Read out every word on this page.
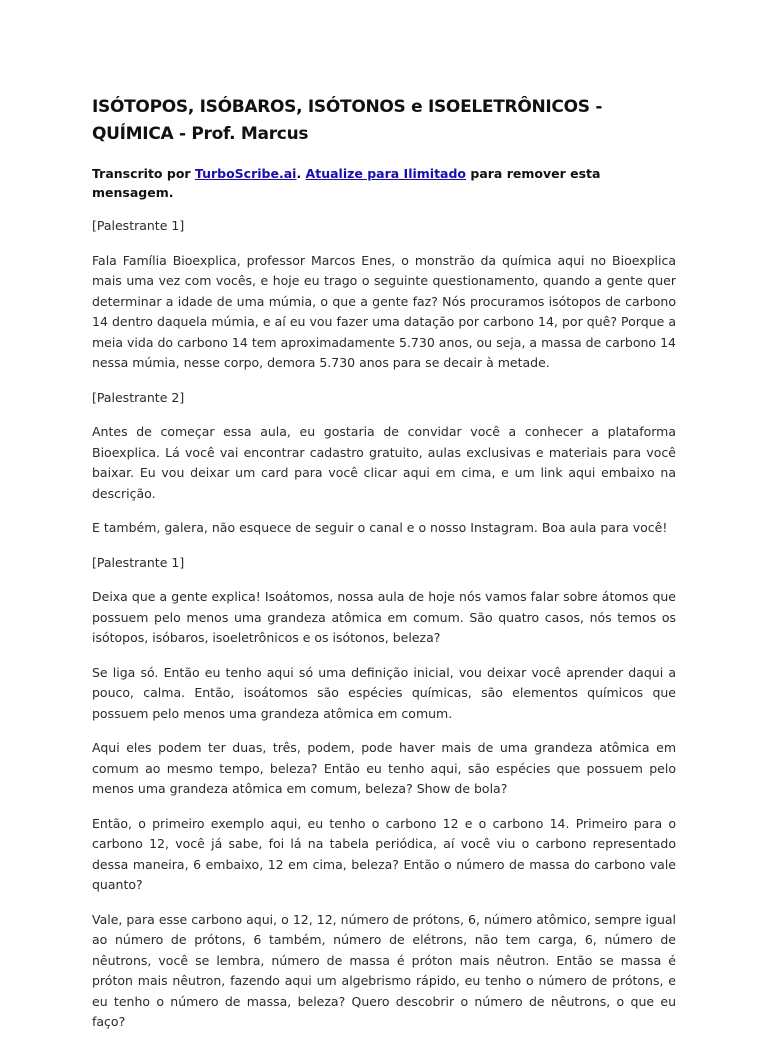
ISÓTOPOS, ISÓBAROS, ISÓTONOS e ISOELETRÔNICOS - QUÍMICA - Prof. Marcus
Transcrito por TurboScribe.ai. Atualize para Ilimitado para remover esta mensagem.

[Palestrante 1]

Fala Família Bioexplica, professor Marcos Enes, o monstrão da química aqui no Bioexplica mais uma vez com vocês, e hoje eu trago o seguinte questionamento, quando a gente quer determinar a idade de uma múmia, o que a gente faz? Nós procuramos isótopos de carbono 14 dentro daquela múmia, e aí eu vou fazer uma datação por carbono 14, por quê? Porque a meia vida do carbono 14 tem aproximadamente 5.730 anos, ou seja, a massa de carbono 14 nessa múmia, nesse corpo, demora 5.730 anos para se decair à metade.

[Palestrante 2]

Antes de começar essa aula, eu gostaria de convidar você a conhecer a plataforma Bioexplica. Lá você vai encontrar cadastro gratuito, aulas exclusivas e materiais para você baixar. Eu vou deixar um card para você clicar aqui em cima, e um link aqui embaixo na descrição.

E também, galera, não esquece de seguir o canal e o nosso Instagram. Boa aula para você!

[Palestrante 1]

Deixa que a gente explica! Isoátomos, nossa aula de hoje nós vamos falar sobre átomos que possuem pelo menos uma grandeza atômica em comum. São quatro casos, nós temos os isótopos, isóbaros, isoeletrônicos e os isótonos, beleza?

Se liga só. Então eu tenho aqui só uma definição inicial, vou deixar você aprender daqui a pouco, calma. Então, isoátomos são espécies químicas, são elementos químicos que possuem pelo menos uma grandeza atômica em comum.

Aqui eles podem ter duas, três, podem, pode haver mais de uma grandeza atômica em comum ao mesmo tempo, beleza? Então eu tenho aqui, são espécies que possuem pelo menos uma grandeza atômica em comum, beleza? Show de bola?

Então, o primeiro exemplo aqui, eu tenho o carbono 12 e o carbono 14. Primeiro para o carbono 12, você já sabe, foi lá na tabela periódica, aí você viu o carbono representado dessa maneira, 6 embaixo, 12 em cima, beleza? Então o número de massa do carbono vale quanto?

Vale, para esse carbono aqui, o 12, 12, número de prótons, 6, número atômico, sempre igual ao número de prótons, 6 também, número de elétrons, não tem carga, 6, número de nêutrons, você se lembra, número de massa é próton mais nêutron. Então se massa é próton mais nêutron, fazendo aqui um algebrismo rápido, eu tenho o número de prótons, e eu tenho o número de massa, beleza? Quero descobrir o número de nêutrons, o que eu faço?
